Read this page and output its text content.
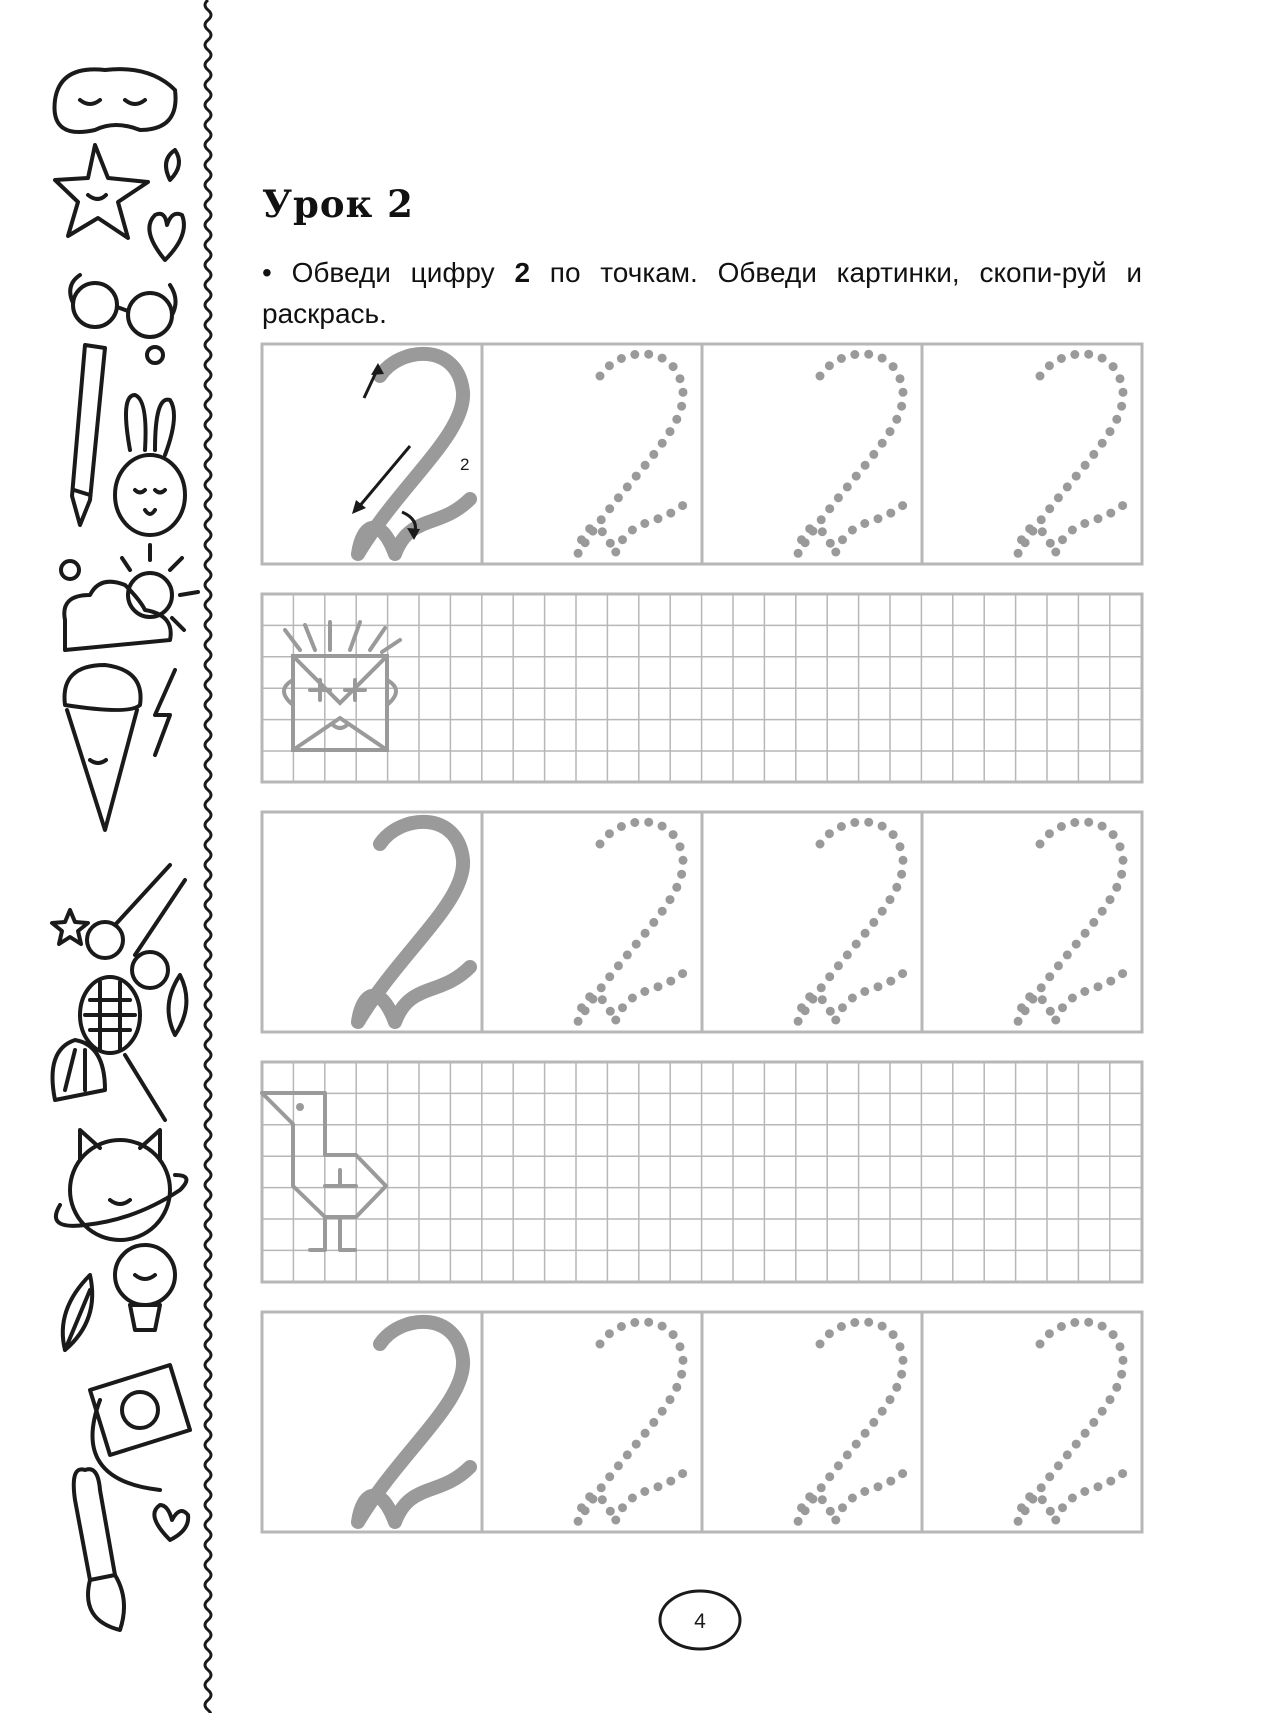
Урок 2

• Обведи цифру 2 по точкам. Обведи картинки, скопи-руй и раскрась.

2
4
